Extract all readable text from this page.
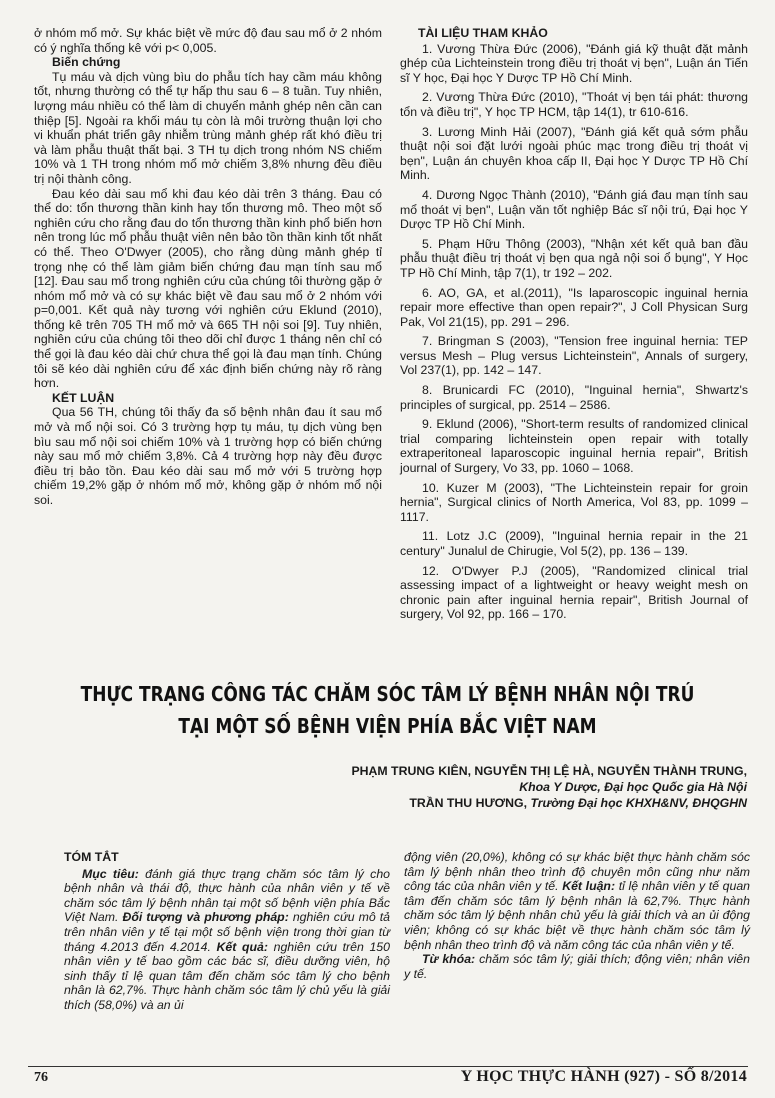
ở nhóm mổ mở. Sự khác biệt về mức độ đau sau mổ ở 2 nhóm có ý nghĩa thống kê với p< 0,005.

Biến chứng

Tụ máu và dịch vùng bìu do phẫu tích hay cầm máu không tốt, nhưng thường có thể tự hấp thu sau 6 – 8 tuần. Tuy nhiên, lượng máu nhiều có thể làm di chuyển mảnh ghép nên cần can thiệp [5]. Ngoài ra khối máu tụ còn là môi trường thuận lợi cho vi khuẩn phát triển gây nhiễm trùng mảnh ghép rất khó điều trị và làm phẫu thuật thất bại. 3 TH tụ dịch trong nhóm NS chiếm 10% và 1 TH trong nhóm mổ mở chiếm 3,8% nhưng đều điều trị nội thành công.

Đau kéo dài sau mổ khi đau kéo dài trên 3 tháng. Đau có thể do: tổn thương thần kinh hay tổn thương mô. Theo một số nghiên cứu cho rằng đau do tổn thương thần kinh phổ biến hơn nên trong lúc mổ phẫu thuật viên nên bảo tồn thần kinh tốt nhất có thể. Theo O'Dwyer (2005), cho rằng dùng mảnh ghép tỉ trọng nhẹ có thể làm giảm biến chứng đau mạn tính sau mổ [12]. Đau sau mổ trong nghiên cứu của chúng tôi thường gặp ở nhóm mổ mở và có sự khác biệt về đau sau mổ ở 2 nhóm với p=0,001. Kết quả này tương với nghiên cứu Eklund (2010), thống kê trên 705 TH mổ mở và 665 TH nội soi [9]. Tuy nhiên, nghiên cứu của chúng tôi theo dõi chỉ được 1 tháng nên chỉ có thể gọi là đau kéo dài chứ chưa thể gọi là đau mạn tính. Chúng tôi sẽ kéo dài nghiên cứu để xác định biến chứng này rõ ràng hơn.

KẾT LUẬN

Qua 56 TH, chúng tôi thấy đa số bệnh nhân đau ít sau mổ mở và mổ nội soi. Có 3 trường hợp tụ máu, tụ dịch vùng bẹn bìu sau mổ nội soi chiếm 10% và 1 trường hợp có biến chứng này sau mổ mở chiếm 3,8%. Cả 4 trường hợp này đều được điều trị bảo tồn. Đau kéo dài sau mổ mở với 5 trường hợp chiếm 19,2% gặp ở nhóm mổ mở, không gặp ở nhóm mổ nội soi.

TÀI LIỆU THAM KHẢO

1. Vương Thừa Đức (2006), "Đánh giá kỹ thuật đặt mảnh ghép của Lichteinstein trong điều trị thoát vị bẹn", Luận án Tiến sĩ Y học, Đại học Y Dược TP Hồ Chí Minh.

2. Vương Thừa Đức (2010), "Thoát vị bẹn tái phát: thương tổn và điều trị", Y học TP HCM, tập 14(1), tr 610-616.

3. Lương Minh Hải (2007), "Đánh giá kết quả sớm phẫu thuật nội soi đặt lưới ngoài phúc mạc trong điều trị thoát vị bẹn", Luận án chuyên khoa cấp II, Đại học Y Dược TP Hồ Chí Minh.

4. Dương Ngọc Thành (2010), "Đánh giá đau mạn tính sau mổ thoát vị bẹn", Luận văn tốt nghiệp Bác sĩ nội trú, Đại học Y Dược TP Hồ Chí Minh.

5. Phạm Hữu Thông (2003), "Nhận xét kết quả ban đầu phẫu thuật điều trị thoát vị bẹn qua ngả nội soi ổ bụng", Y Học TP Hồ Chí Minh, tập 7(1), tr 192 – 202.

6. AO, GA, et al.(2011), "Is laparoscopic inguinal hernia repair more effective than open repair?", J Coll Physican Surg Pak, Vol 21(15), pp. 291 – 296.

7. Bringman S (2003), "Tension free inguinal hernia: TEP versus Mesh – Plug versus Lichteinstein", Annals of surgery, Vol 237(1), pp. 142 – 147.

8. Brunicardi FC (2010), "Inguinal hernia", Shwartz's principles of surgical, pp. 2514 – 2586.

9. Eklund (2006), "Short-term results of randomized clinical trial comparing lichteinstein open repair with totally extraperitoneal laparoscopic inguinal hernia repair", British journal of Surgery, Vo 33, pp. 1060 – 1068.

10. Kuzer M (2003), "The Lichteinstein repair for groin hernia", Surgical clinics of North America, Vol 83, pp. 1099 – 1117.

11. Lotz J.C (2009), "Inguinal hernia repair in the 21 century" Junalul de Chirugie, Vol 5(2), pp. 136 – 139.

12. O'Dwyer P.J (2005), "Randomized clinical trial assessing impact of a lightweight or heavy weight mesh on chronic pain after inguinal hernia repair", British Journal of surgery, Vol 92, pp. 166 – 170.

THỰC TRẠNG CÔNG TÁC CHĂM SÓC TÂM LÝ BỆNH NHÂN NỘI TRÚ
PHẠM TRUNG KIÊN, NGUYỄN THỊ LỆ HÀ, NGUYỄN THÀNH TRUNG,
Khoa Y Dược, Đại học Quốc gia Hà Nội
TRẦN THU HƯƠNG, Trường Đại học KHXH&NV, ĐHQGHN
TÓM TẮT

Mục tiêu: đánh giá thực trạng chăm sóc tâm lý cho bệnh nhân và thái độ, thực hành của nhân viên y tế về chăm sóc tâm lý bệnh nhân tại một số bệnh viện phía Bắc Việt Nam. Đối tượng và phương pháp: nghiên cứu mô tả trên nhân viên y tế tại một số bệnh viện trong thời gian từ tháng 4.2013 đến 4.2014. Kết quả: nghiên cứu trên 150 nhân viên y tế bao gồm các bác sĩ, điều dưỡng viên, hộ sinh thấy tỉ lệ quan tâm đến chăm sóc tâm lý cho bệnh nhân là 62,7%. Thực hành chăm sóc tâm lý chủ yếu là giải thích (58,0%) và an ủi

động viên (20,0%), không có sự khác biệt thực hành chăm sóc tâm lý bệnh nhân theo trình độ chuyên môn cũng như năm công tác của nhân viên y tế. Kết luận: tỉ lệ nhân viên y tế quan tâm đến chăm sóc tâm lý bệnh nhân là 62,7%. Thực hành chăm sóc tâm lý bệnh nhân chủ yếu là giải thích và an ủi động viên; không có sự khác biệt về thực hành chăm sóc tâm lý bệnh nhân theo trình độ và năm công tác của nhân viên y tế.

Từ khóa: chăm sóc tâm lý; giải thích; động viên; nhân viên y tế.

76	Y HỌC THỰC HÀNH (927) - SỐ 8/2014
TẠI MỘT SỐ BỆNH VIỆN PHÍA BẮC VIỆT NAM
